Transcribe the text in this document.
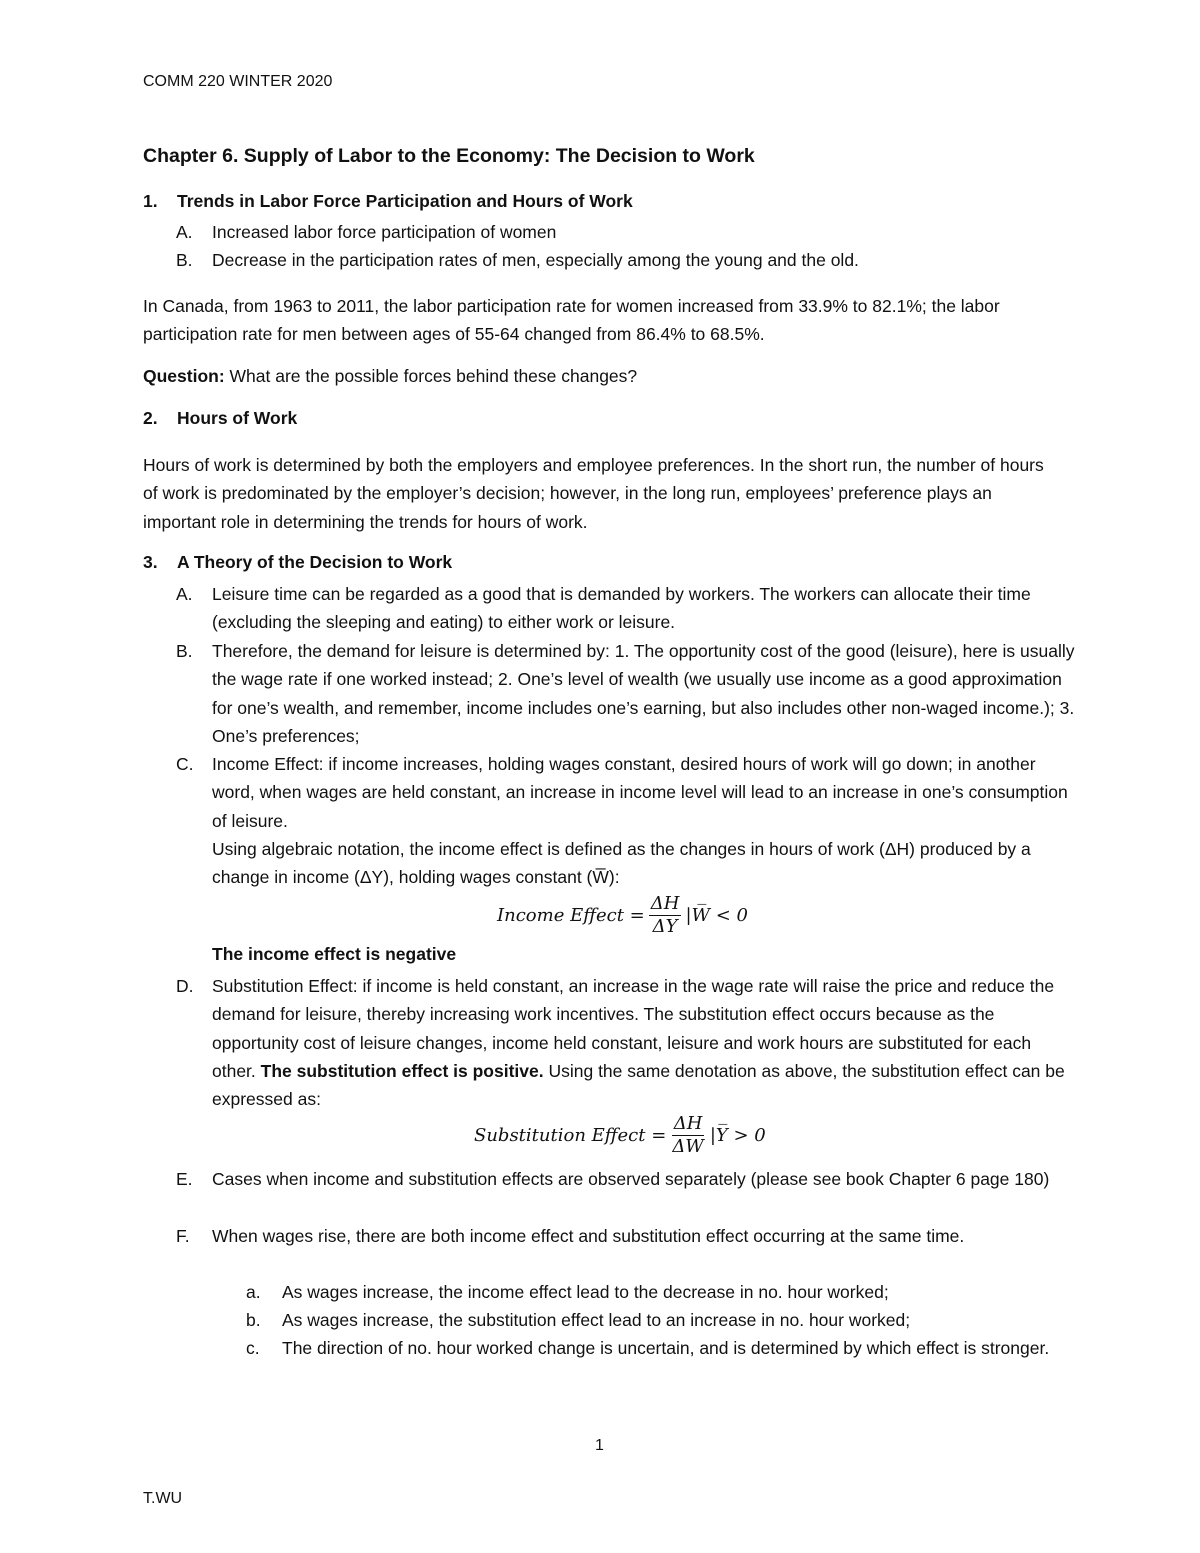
COMM 220 WINTER 2020
Chapter 6. Supply of Labor to the Economy: The Decision to Work
1. Trends in Labor Force Participation and Hours of Work
A. Increased labor force participation of women
B. Decrease in the participation rates of men, especially among the young and the old.
In Canada, from 1963 to 2011, the labor participation rate for women increased from 33.9% to 82.1%; the labor participation rate for men between ages of 55-64 changed from 86.4% to 68.5%.
Question: What are the possible forces behind these changes?
2. Hours of Work
Hours of work is determined by both the employers and employee preferences. In the short run, the number of hours of work is predominated by the employer’s decision; however, in the long run, employees’ preference plays an important role in determining the trends for hours of work.
3. A Theory of the Decision to Work
A. Leisure time can be regarded as a good that is demanded by workers. The workers can allocate their time (excluding the sleeping and eating) to either work or leisure.
B. Therefore, the demand for leisure is determined by: 1. The opportunity cost of the good (leisure), here is usually the wage rate if one worked instead; 2. One’s level of wealth (we usually use income as a good approximation for one’s wealth, and remember, income includes one’s earning, but also includes other non-waged income.); 3. One’s preferences;
C. Income Effect: if income increases, holding wages constant, desired hours of work will go down; in another word, when wages are held constant, an increase in income level will lead to an increase in one’s consumption of leisure.
Using algebraic notation, the income effect is defined as the changes in hours of work (ΔH) produced by a change in income (ΔY), holding wages constant (W̅):
Income Effect = $\frac{\Delta H}{\Delta Y}$ |W̅ < 0
The income effect is negative
D. Substitution Effect: if income is held constant, an increase in the wage rate will raise the price and reduce the demand for leisure, thereby increasing work incentives. The substitution effect occurs because as the opportunity cost of leisure changes, income held constant, leisure and work hours are substituted for each other. The substitution effect is positive. Using the same denotation as above, the substitution effect can be expressed as:
Substitution Effect = $\frac{\Delta H}{\Delta W}$ |Y̅ > 0
E. Cases when income and substitution effects are observed separately (please see book Chapter 6 page 180)
F. When wages rise, there are both income effect and substitution effect occurring at the same time.
a. As wages increase, the income effect lead to the decrease in no. hour worked;
b. As wages increase, the substitution effect lead to an increase in no. hour worked;
c. The direction of no. hour worked change is uncertain, and is determined by which effect is stronger.
1
T.WU
